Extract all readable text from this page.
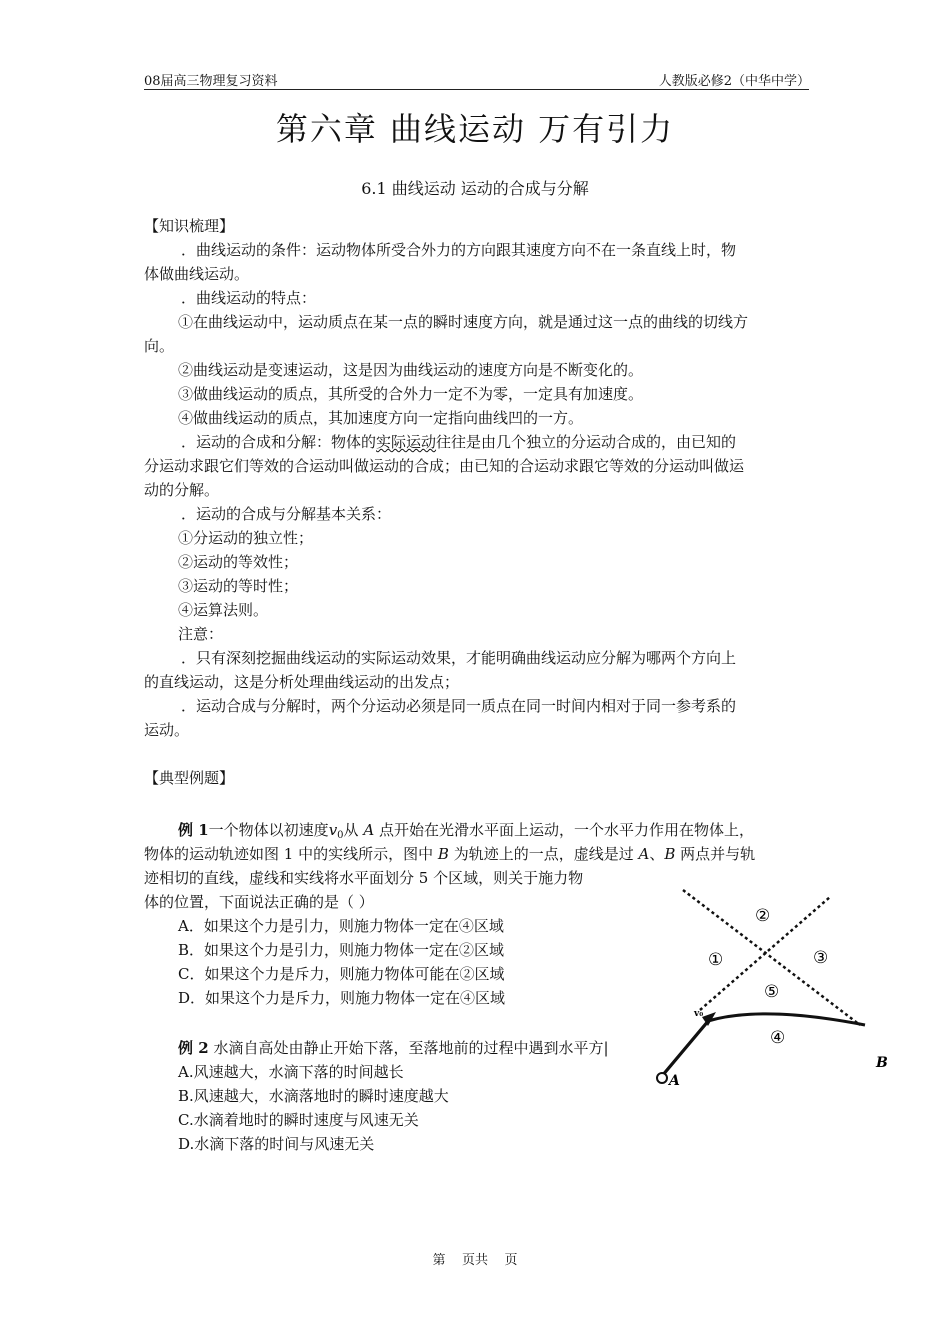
08届高三物理复习资料	人教版必修2（中华中学）
第六章 曲线运动 万有引力
6.1 曲线运动 运动的合成与分解
【知识梳理】
．曲线运动的条件：运动物体所受合外力的方向跟其速度方向不在一条直线上时，物
体做曲线运动。
．曲线运动的特点：
①在曲线运动中，运动质点在某一点的瞬时速度方向，就是通过这一点的曲线的切线方
向。
②曲线运动是变速运动，这是因为曲线运动的速度方向是不断变化的。
③做曲线运动的质点，其所受的合外力一定不为零，一定具有加速度。
④做曲线运动的质点，其加速度方向一定指向曲线凹的一方。
．运动的合成和分解：物体的实际运动往往是由几个独立的分运动合成的，由已知的
分运动求跟它们等效的合运动叫做运动的合成；由已知的合运动求跟它等效的分运动叫做运
动的分解。
．运动的合成与分解基本关系：
①分运动的独立性；
②运动的等效性；
③运动的等时性；
④运算法则。
注意：
．只有深刻挖掘曲线运动的实际运动效果，才能明确曲线运动应分解为哪两个方向上
的直线运动，这是分析处理曲线运动的出发点；
．运动合成与分解时，两个分运动必须是同一质点在同一时间内相对于同一参考系的
运动。
【典型例题】
例 1一个物体以初速度$v_0$从 A 点开始在光滑水平面上运动，一个水平力作用在物体上，
物体的运动轨迹如图 1 中的实线所示，图中 B 为轨迹上的一点，虚线是过 A、B 两点并与轨
迹相切的直线，虚线和实线将水平面划分 5 个区域，则关于施力物
体的位置，下面说法正确的是（ ）
A．如果这个力是引力，则施力物体一定在④区域
B．如果这个力是引力，则施力物体一定在②区域
C．如果这个力是斥力，则施力物体可能在②区域
D．如果这个力是斥力，则施力物体一定在④区域
例 2 水滴自高处由静止开始下落，至落地前的过程中遇到水平方|
A.风速越大，水滴下落的时间越长
B.风速越大，水滴落地时的瞬时速度越大
C.水滴着地时的瞬时速度与风速无关
D.水滴下落的时间与风速无关
v₀
A
B
①
②
③
④
⑤
第    页共    页
